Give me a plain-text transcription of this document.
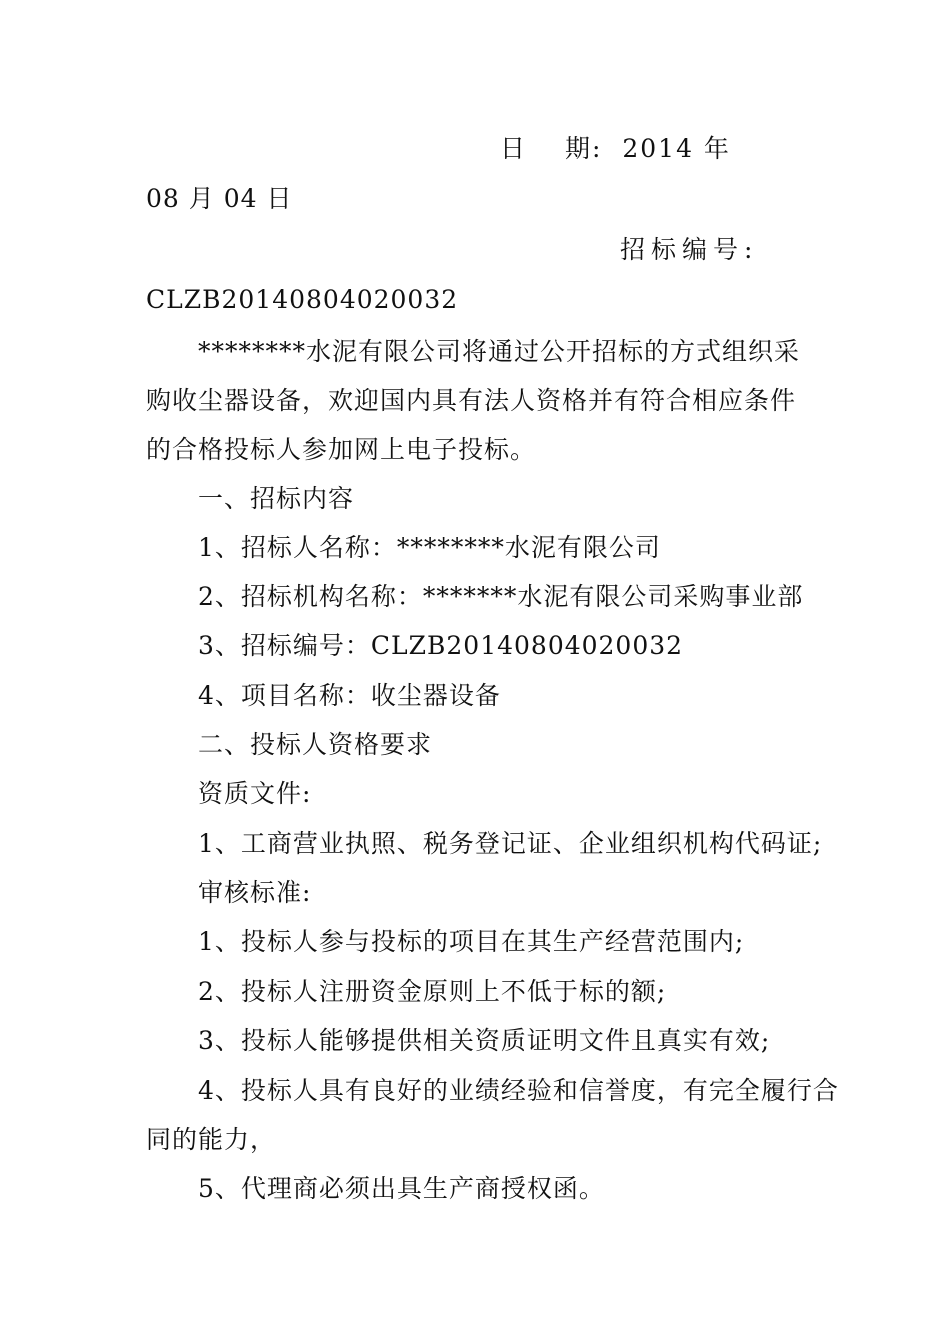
日 期: 2014 年
08 月 04 日
招标编号:
CLZB20140804020032
********水泥有限公司将通过公开招标的方式组织采
购收尘器设备，欢迎国内具有法人资格并有符合相应条件
的合格投标人参加网上电子投标。
一、招标内容
1、招标人名称：********水泥有限公司
2、招标机构名称：*******水泥有限公司采购事业部
3、招标编号：CLZB20140804020032
4、项目名称：收尘器设备
二、投标人资格要求
资质文件:
1、工商营业执照、税务登记证、企业组织机构代码证;
审核标准:
1、投标人参与投标的项目在其生产经营范围内;
2、投标人注册资金原则上不低于标的额;
3、投标人能够提供相关资质证明文件且真实有效;
4、投标人具有良好的业绩经验和信誉度，有完全履行合
同的能力，
5、代理商必须出具生产商授权函。
